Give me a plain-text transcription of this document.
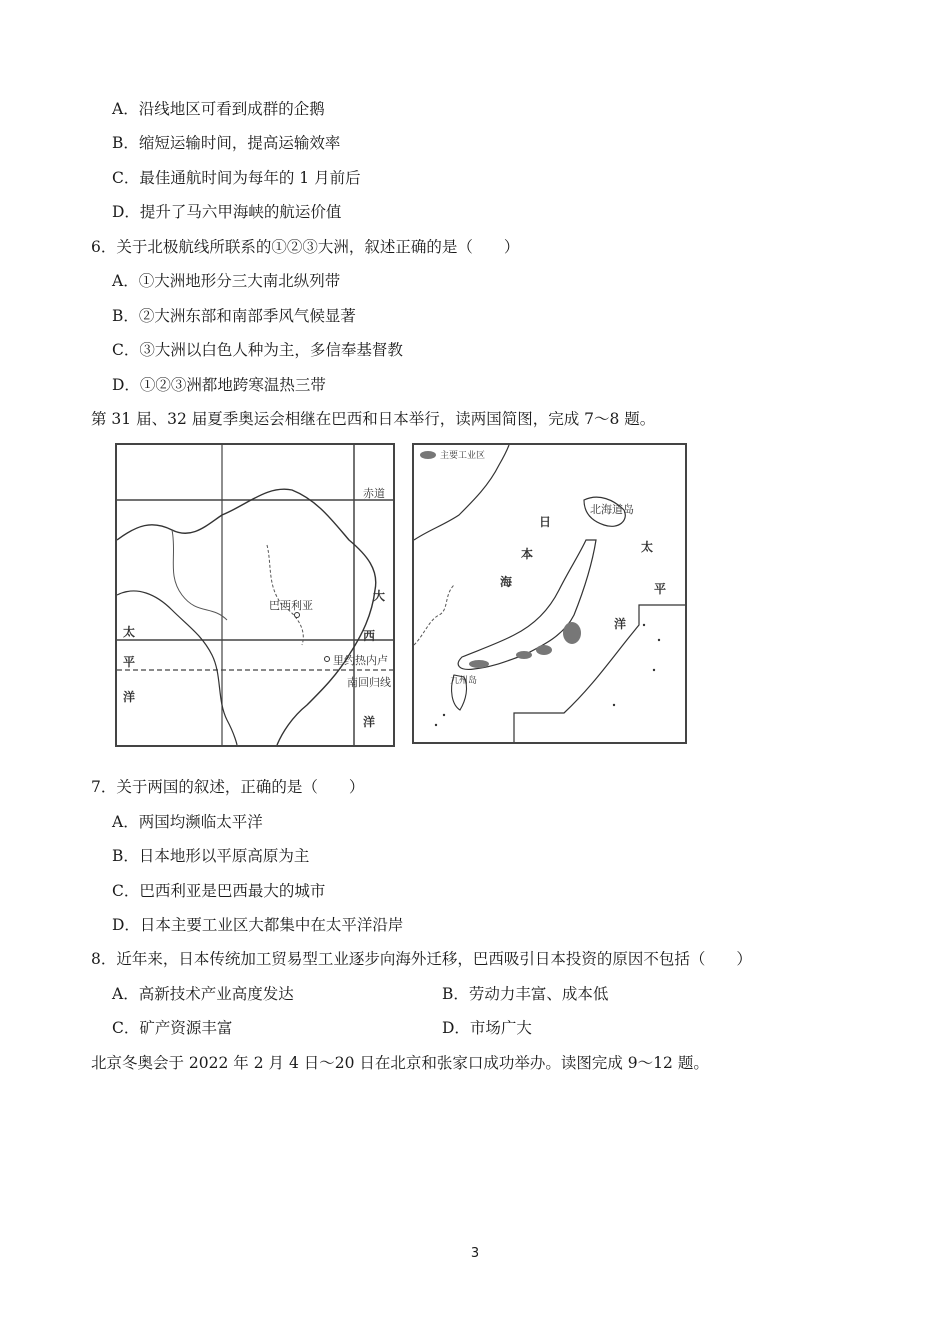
A．沿线地区可看到成群的企鹅
B．缩短运输时间，提高运输效率
C．最佳通航时间为每年的 1 月前后
D．提升了马六甲海峡的航运价值
6．关于北极航线所联系的①②③大洲，叙述正确的是（　　）
A．①大洲地形分三大南北纵列带
B．②大洲东部和南部季风气候显著
C．③大洲以白色人种为主，多信奉基督教
D．①②③洲都地跨寒温热三带
第 31 届、32 届夏季奥运会相继在巴西和日本举行，读两国简图，完成 7～8 题。
赤道
巴西利亚
大
西
洋
太
平
洋
里约热内卢
南回归线
主要工业区
北海道岛
日
本
海
太
平
洋
九州岛
7．关于两国的叙述，正确的是（　　）
A．两国均濒临太平洋
B．日本地形以平原高原为主
C．巴西利亚是巴西最大的城市
D．日本主要工业区大都集中在太平洋沿岸
8．近年来，日本传统加工贸易型工业逐步向海外迁移，巴西吸引日本投资的原因不包括（　　）
A．高新技术产业高度发达	B．劳动力丰富、成本低
C．矿产资源丰富	D．市场广大
北京冬奥会于 2022 年 2 月 4 日～20 日在北京和张家口成功举办。读图完成 9～12 题。
3
